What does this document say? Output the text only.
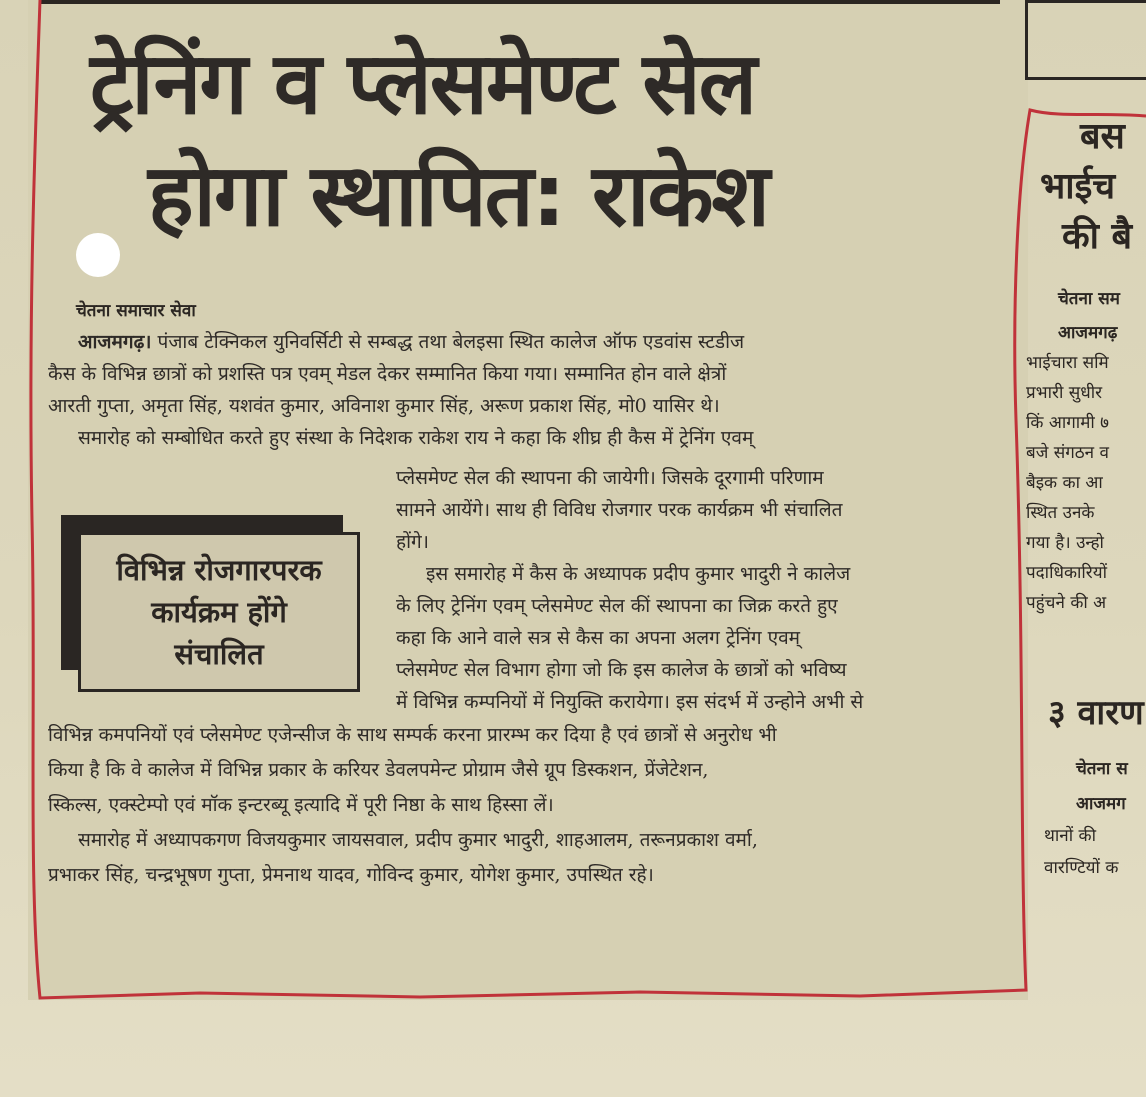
ट्रेनिंग व प्लेसमेण्ट सेल
होगा स्थापित: राकेश
चेतना समाचार सेवा
आजमगढ़। पंजाब टेक्निकल युनिवर्सिटी से सम्बद्ध तथा बेलइसा स्थित कालेज ऑफ एडवांस स्टडीज
कैस के विभिन्न छात्रों को प्रशस्ति पत्र एवम् मेडल देकर सम्मानित किया गया। सम्मानित होन वाले क्षेत्रों
आरती गुप्ता, अमृता सिंह, यशवंत कुमार, अविनाश कुमार सिंह, अरूण प्रकाश सिंह, मो0 यासिर थे।
समारोह को सम्बोधित करते हुए संस्था के निदेशक राकेश राय ने कहा कि शीघ्र ही कैस में ट्रेनिंग एवम्
प्लेसमेण्ट सेल की स्थापना की जायेगी। जिसके दूरगामी परिणाम
सामने आयेंगे। साथ ही विविध रोजगार परक कार्यक्रम भी संचालित
होंगे।
इस समारोह में कैस के अध्यापक प्रदीप कुमार भादुरी ने कालेज
के लिए ट्रेनिंग एवम् प्लेसमेण्ट सेल कीं स्थापना का जिक्र करते हुए
कहा कि आने वाले सत्र से कैस का अपना अलग ट्रेनिंग एवम्
प्लेसमेण्ट सेल विभाग होगा जो कि इस कालेज के छात्रों को भविष्य
में विभिन्न कम्पनियों में नियुक्ति करायेगा। इस संदर्भ में उन्होने अभी से
विभिन्न कमपनियों एवं प्लेसमेण्ट एजेन्सीज के साथ सम्पर्क करना प्रारम्भ कर दिया है एवं छात्रों से अनुरोध भी
किया है कि वे कालेज में विभिन्न प्रकार के करियर डेवलपमेन्ट प्रोग्राम जैसे ग्रूप डिस्कशन, प्रेंजेटेशन,
स्किल्स, एक्स्टेम्पो एवं मॉक इन्टरब्यू इत्यादि में पूरी निष्ठा के साथ हिस्सा लें।
समारोह में अध्यापकगण विजयकुमार जायसवाल, प्रदीप कुमार भादुरी, शाहआलम, तरूनप्रकाश वर्मा,
प्रभाकर सिंह, चन्द्रभूषण गुप्ता, प्रेमनाथ यादव, गोविन्द कुमार, योगेश कुमार, उपस्थित रहे।
विभिन्न रोजगारपरक
कार्यक्रम होंगे
संचालित
बस
भाईच
की बै
चेतना सम
आजमगढ़
भाईचारा समि
प्रभारी सुधीर
किं आगामी ७
बजे संगठन व
बैइक का आ
स्थित उनके
गया है। उन्हो
पदाधिकारियों
पहुंचने की अ
३ वारण
चेतना स
आजमग
थानों की
वारण्टियों क
